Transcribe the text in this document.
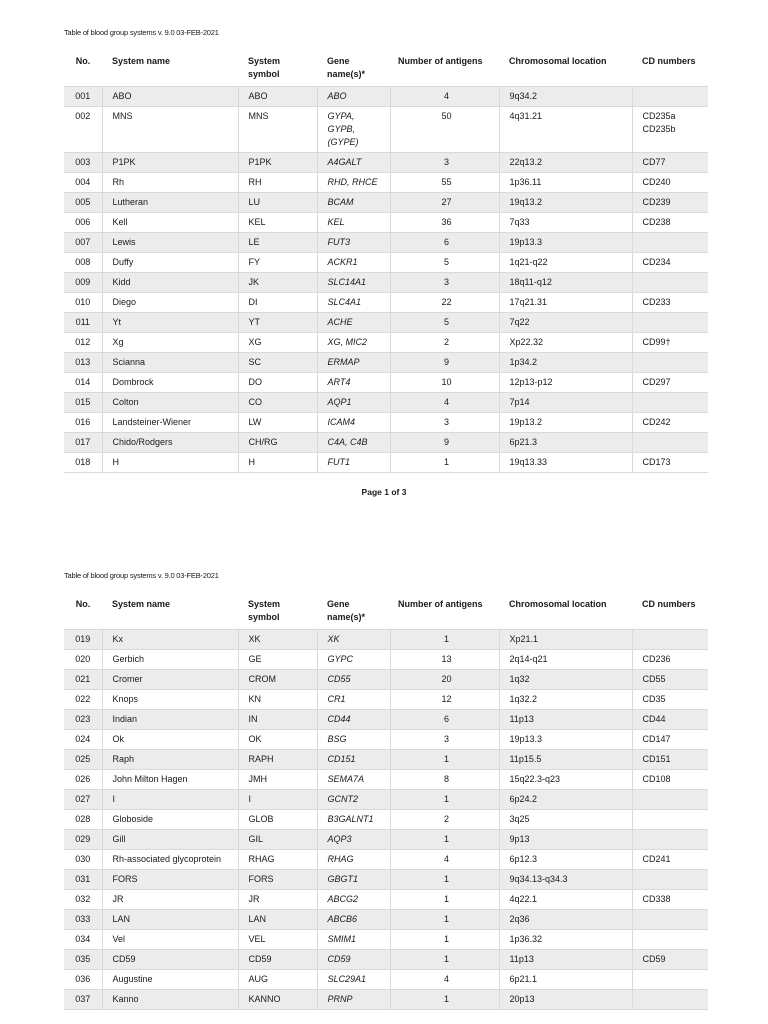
Table of blood group systems v. 9.0 03-FEB-2021
No.	System name	System symbol	Gene name(s)*	Number of antigens	Chromosomal location	CD numbers
001	ABO	ABO	ABO	4	9q34.2	
002	MNS	MNS	GYPA, GYPB, (GYPE)	50	4q31.21	CD235a
CD235b

003	P1PK	P1PK	A4GALT	3	22q13.2	CD77
004	Rh	RH	RHD, RHCE	55	1p36.11	CD240
005	Lutheran	LU	BCAM	27	19q13.2	CD239
006	Kell	KEL	KEL	36	7q33	CD238
007	Lewis	LE	FUT3	6	19p13.3	
008	Duffy	FY	ACKR1	5	1q21-q22	CD234
009	Kidd	JK	SLC14A1	3	18q11-q12	
010	Diego	DI	SLC4A1	22	17q21.31	CD233
011	Yt	YT	ACHE	5	7q22	
012	Xg	XG	XG, MIC2	2	Xp22.32	CD99†
013	Scianna	SC	ERMAP	9	1p34.2	
014	Dombrock	DO	ART4	10	12p13-p12	CD297
015	Colton	CO	AQP1	4	7p14	
016	Landsteiner-Wiener	LW	ICAM4	3	19p13.2	CD242
017	Chido/Rodgers	CH/RG	C4A, C4B	9	6p21.3	
018	H	H	FUT1	1	19q13.33	CD173
Page 1 of 3
Table of blood group systems v. 9.0 03-FEB-2021
No.	System name	System symbol	Gene name(s)*	Number of antigens	Chromosomal location	CD numbers
019	Kx	XK	XK	1	Xp21.1	
020	Gerbich	GE	GYPC	13	2q14-q21	CD236
021	Cromer	CROM	CD55	20	1q32	CD55
022	Knops	KN	CR1	12	1q32.2	CD35
023	Indian	IN	CD44	6	11p13	CD44
024	Ok	OK	BSG	3	19p13.3	CD147
025	Raph	RAPH	CD151	1	11p15.5	CD151
026	John Milton Hagen	JMH	SEMA7A	8	15q22.3-q23	CD108
027	I	I	GCNT2	1	6p24.2	
028	Globoside	GLOB	B3GALNT1	2	3q25	
029	Gill	GIL	AQP3	1	9p13	
030	Rh-associated glycoprotein	RHAG	RHAG	4	6p12.3	CD241
031	FORS	FORS	GBGT1	1	9q34.13-q34.3	
032	JR	JR	ABCG2	1	4q22.1	CD338
033	LAN	LAN	ABCB6	1	2q36	
034	Vel	VEL	SMIM1	1	1p36.32	
035	CD59	CD59	CD59	1	11p13	CD59
036	Augustine	AUG	SLC29A1	4	6p21.1	
037	Kanno	KANNO	PRNP	1	20p13	
